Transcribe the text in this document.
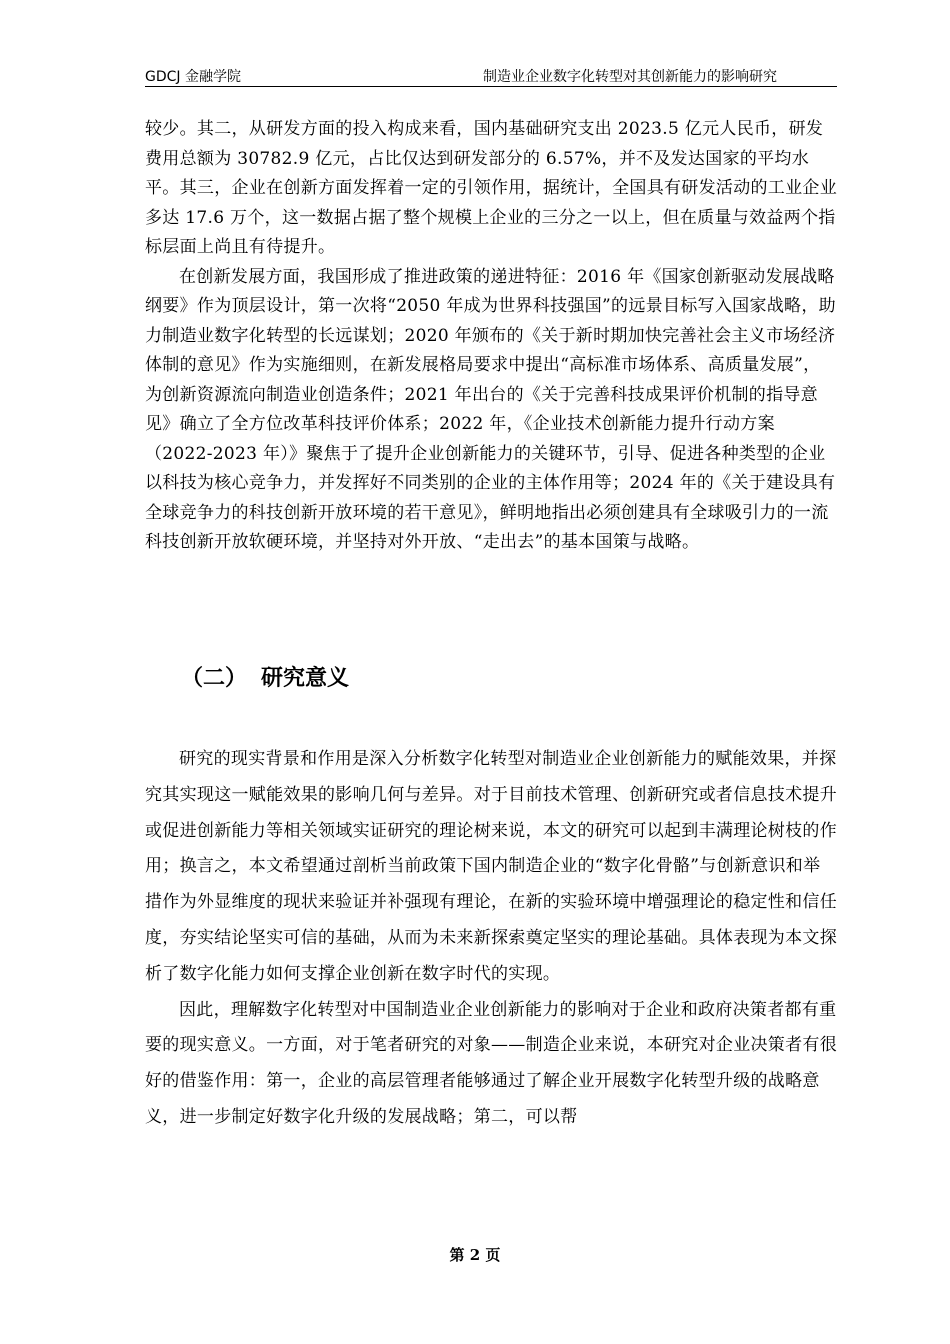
GDCJ 金融学院	制造业企业数字化转型对其创新能力的影响研究

较少。其二，从研发方面的投入构成来看，国内基础研究支出 2023.5 亿元人民币，研发费用总额为 30782.9 亿元，占比仅达到研发部分的 6.57%，并不及发达国家的平均水平。其三，企业在创新方面发挥着一定的引领作用，据统计，全国具有研发活动的工业企业多达 17.6 万个，这一数据占据了整个规模上企业的三分之一以上，但在质量与效益两个指标层面上尚且有待提升。

在创新发展方面，我国形成了推进政策的递进特征：2016 年《国家创新驱动发展战略纲要》作为顶层设计，第一次将“2050 年成为世界科技强国”的远景目标写入国家战略，助力制造业数字化转型的长远谋划；2020 年颁布的《关于新时期加快完善社会主义市场经济体制的意见》作为实施细则，在新发展格局要求中提出“高标准市场体系、高质量发展”，为创新资源流向制造业创造条件；2021 年出台的《关于完善科技成果评价机制的指导意见》确立了全方位改革科技评价体系；2022 年，《企业技术创新能力提升行动方案（2022-2023 年）》聚焦于了提升企业创新能力的关键环节，引导、促进各种类型的企业以科技为核心竞争力，并发挥好不同类别的企业的主体作用等；2024 年的《关于建设具有全球竞争力的科技创新开放环境的若干意见》，鲜明地指出必须创建具有全球吸引力的一流科技创新开放软硬环境，并坚持对外开放、“走出去”的基本国策与战略。

（二） 研究意义

研究的现实背景和作用是深入分析数字化转型对制造业企业创新能力的赋能效果，并探究其实现这一赋能效果的影响几何与差异。对于目前技术管理、创新研究或者信息技术提升或促进创新能力等相关领域实证研究的理论树来说，本文的研究可以起到丰满理论树枝的作用；换言之，本文希望通过剖析当前政策下国内制造企业的“数字化骨骼”与创新意识和举措作为外显维度的现状来验证并补强现有理论，在新的实验环境中增强理论的稳定性和信任度，夯实结论坚实可信的基础，从而为未来新探索奠定坚实的理论基础。具体表现为本文探析了数字化能力如何支撑企业创新在数字时代的实现。

因此，理解数字化转型对中国制造业企业创新能力的影响对于企业和政府决策者都有重要的现实意义。一方面，对于笔者研究的对象——制造企业来说，本研究对企业决策者有很好的借鉴作用：第一，企业的高层管理者能够通过了解企业开展数字化转型升级的战略意义，进一步制定好数字化升级的发展战略；第二，可以帮

第 2 页
